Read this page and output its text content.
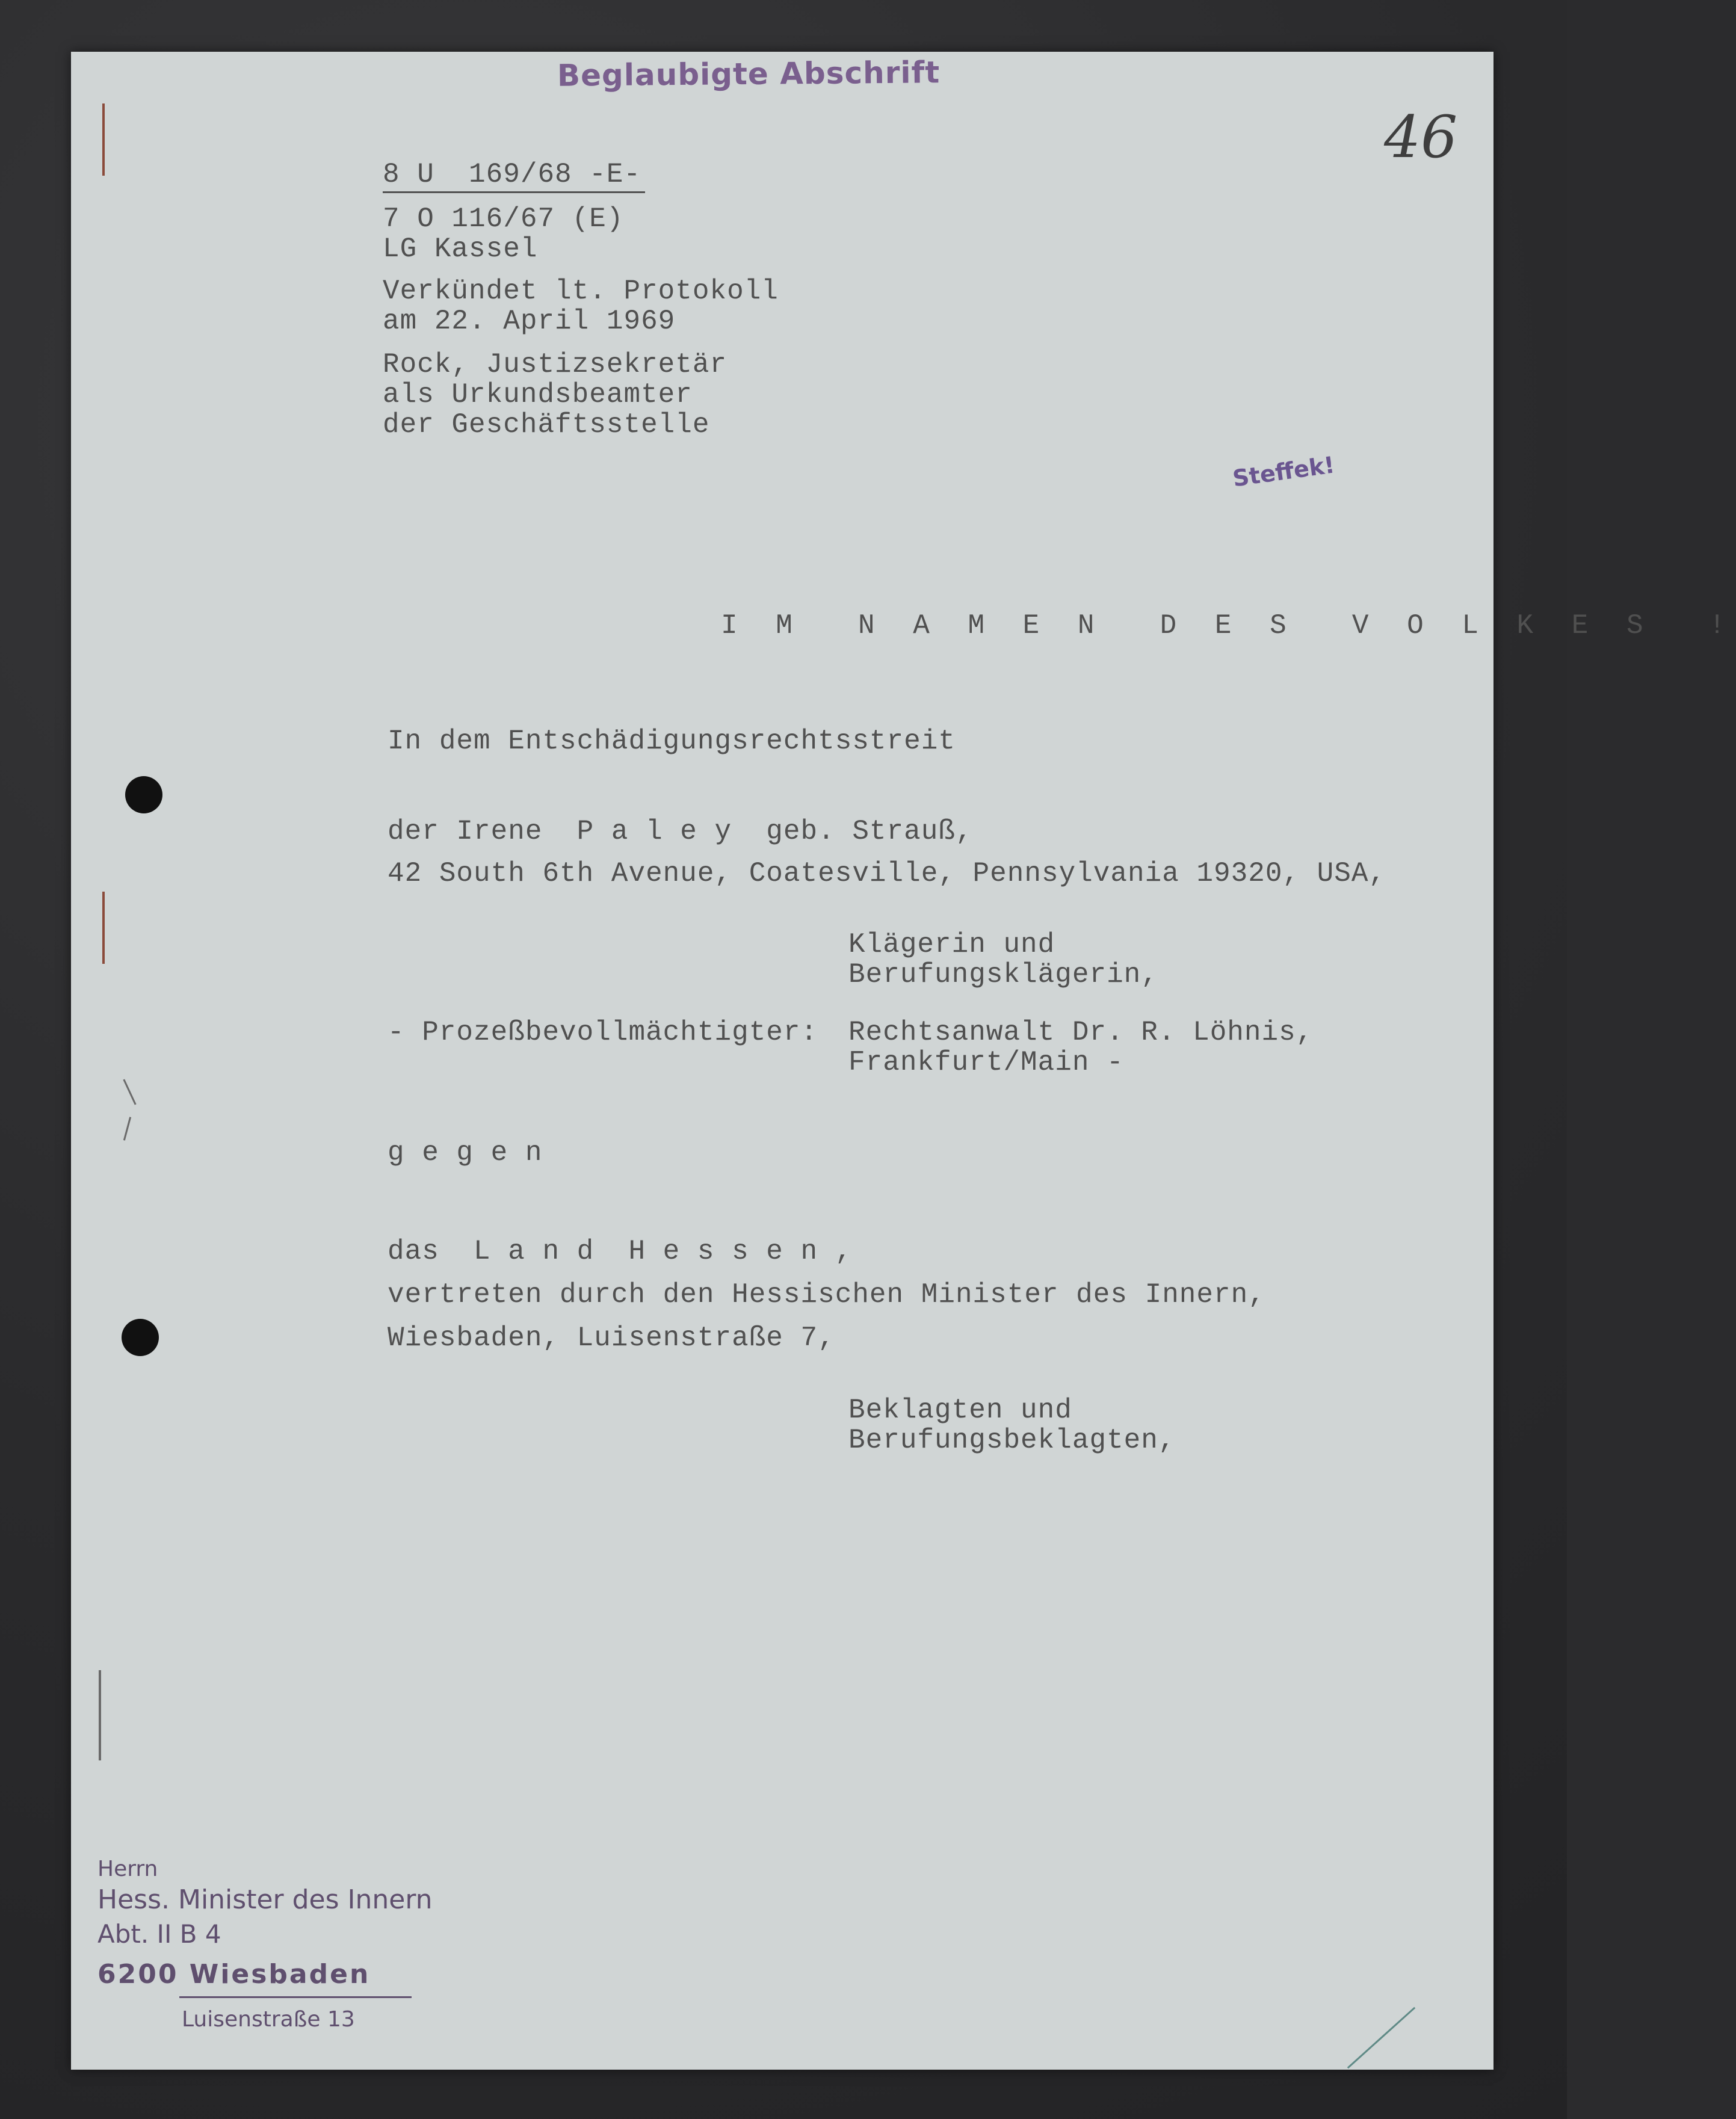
Beglaubigte Abschrift
46
8 U  169/68 -E-
7 O 116/67 (E)
LG Kassel
Verkündet lt. Protokoll
am 22. April 1969
Rock, Justizsekretär
als Urkundsbeamter
der Geschäftsstelle
Steffek!
I M  N A M E N  D E S  V O L K E S  !
In dem Entschädigungsrechtsstreit
der Irene  P a l e y  geb. Strauß,
42 South 6th Avenue, Coatesville, Pennsylvania 19320, USA,
Klägerin und
Berufungsklägerin,
- Prozeßbevollmächtigter: Rechtsanwalt Dr. R. Löhnis,
Frankfurt/Main -
g e g e n
das  L a n d  H e s s e n ,
vertreten durch den Hessischen Minister des Innern,
Wiesbaden, Luisenstraße 7,
Beklagten und
Berufungsbeklagten,
Herrn
Hess. Minister des Innern
Abt. II B 4
6200 Wiesbaden
Luisenstraße 13
